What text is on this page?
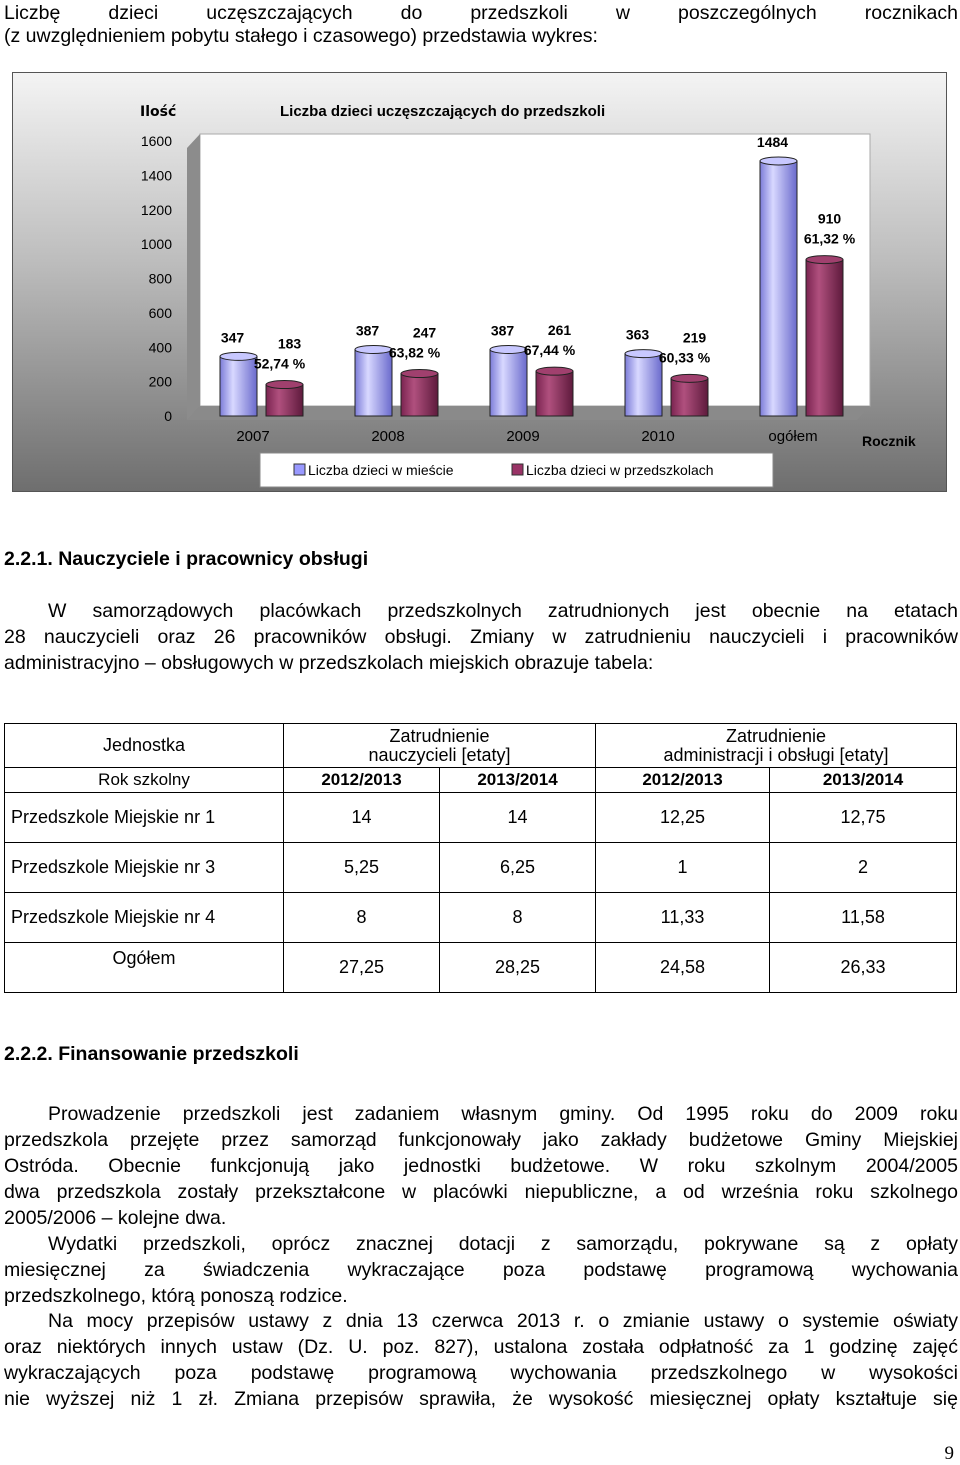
Liczbę dzieci uczęszczających do przedszkoli w poszczególnych rocznikach

(z uwzględnieniem pobytu stałego i czasowego) przedstawia wykres:

Ilość	Liczba dzieci uczęszczających do przedszkoli
Rocznik
1600
1400
1200
1000
800
600
400
200
0
347 183
52,74 %
387 247
63,82 %
387 261
67,44 %
363 219
60,33 %
1484
910
61,32 %
2007	2008	2009	2010	ogółem
Liczba dzieci w mieście	Liczba dzieci w przedszkolach
2.2.1. Nauczyciele i pracownicy obsługi

W samorządowych placówkach przedszkolnych zatrudnionych jest obecnie na etatach

28 nauczycieli oraz 26 pracowników obsługi. Zmiany w zatrudnieniu nauczycieli i pracowników

administracyjno – obsługowych w przedszkolach miejskich obrazuje tabela:

Jednostka	Zatrudnienie
nauczycieli [etaty]		Zatrudnienie
administracji i obsługi [etaty]	
Rok szkolny	2012/2013	2013/2014	2012/2013	2013/2014
Przedszkole Miejskie nr 1	14	14	12,25	12,75
Przedszkole Miejskie nr 3	5,25	6,25	1	2
Przedszkole Miejskie nr 4	8	8	11,33	11,58
Ogółem	27,25	28,25	24,58	26,33
2.2.2. Finansowanie przedszkoli

Prowadzenie przedszkoli jest zadaniem własnym gminy. Od 1995 roku do 2009 roku

przedszkola przejęte przez samorząd funkcjonowały jako zakłady budżetowe Gminy Miejskiej

Ostróda. Obecnie funkcjonują jako jednostki budżetowe. W roku szkolnym 2004/2005

dwa przedszkola zostały przekształcone w placówki niepubliczne, a od września roku szkolnego

2005/2006 – kolejne dwa.

Wydatki przedszkoli, oprócz znacznej dotacji z samorządu, pokrywane są z opłaty

miesięcznej za świadczenia wykraczające poza podstawę programową wychowania

przedszkolnego, którą ponoszą rodzice.

Na mocy przepisów ustawy z dnia 13 czerwca 2013 r. o zmianie ustawy o systemie oświaty

oraz niektórych innych ustaw (Dz. U. poz. 827), ustalona została odpłatność za 1 godzinę zajęć

wykraczających poza podstawę programową wychowania przedszkolnego w wysokości

nie wyższej niż 1 zł. Zmiana przepisów sprawiła, że wysokość miesięcznej opłaty kształtuje się

9
